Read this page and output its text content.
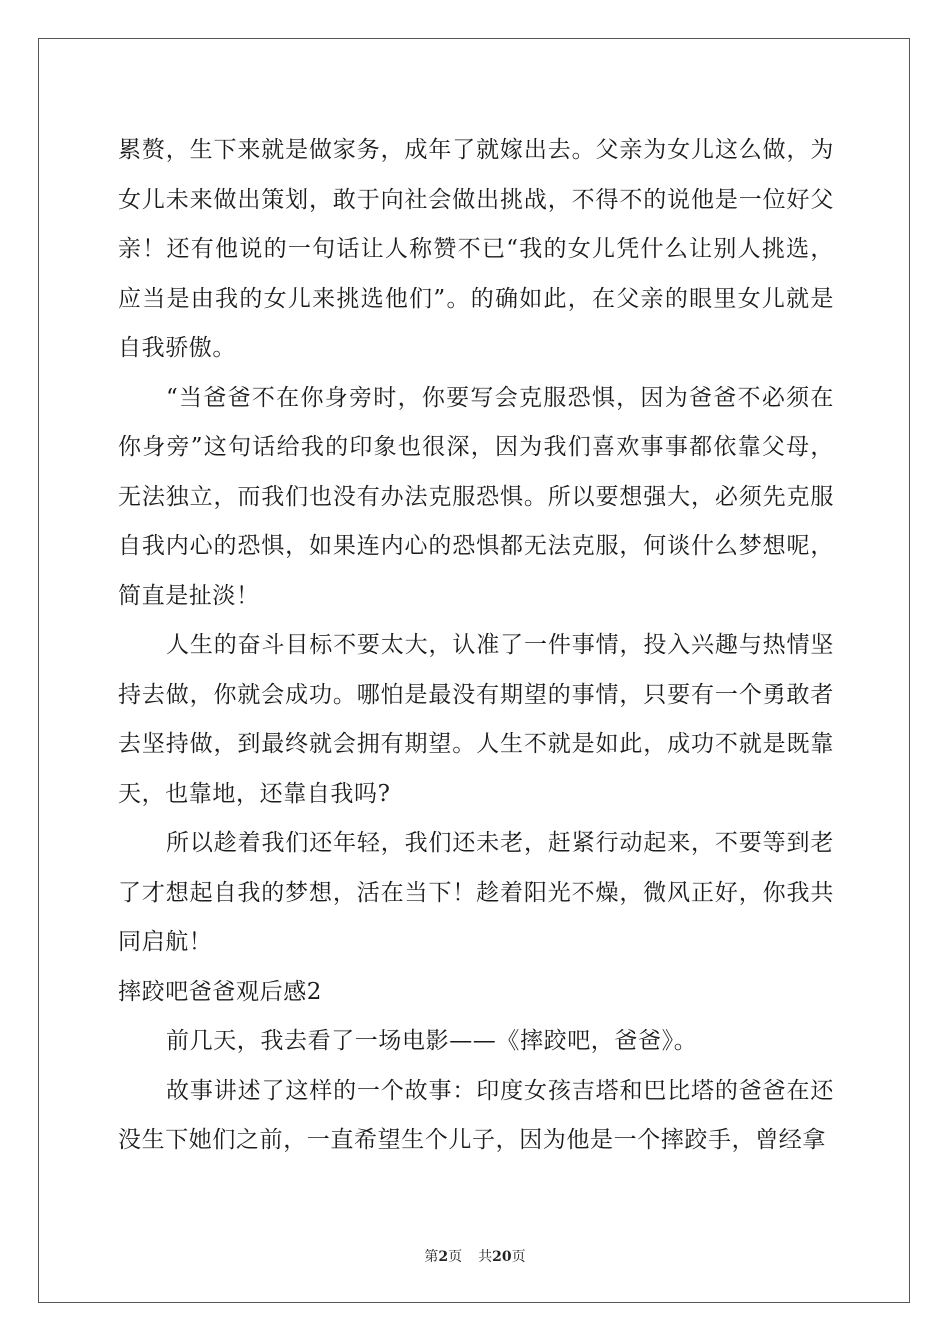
累赘，生下来就是做家务，成年了就嫁出去。父亲为女儿这么做，为女儿未来做出策划，敢于向社会做出挑战，不得不的说他是一位好父亲！还有他说的一句话让人称赞不已“我的女儿凭什么让别人挑选，应当是由我的女儿来挑选他们”。的确如此，在父亲的眼里女儿就是自我骄傲。

“当爸爸不在你身旁时，你要写会克服恐惧，因为爸爸不必须在你身旁”这句话给我的印象也很深，因为我们喜欢事事都依靠父母，无法独立，而我们也没有办法克服恐惧。所以要想强大，必须先克服自我内心的恐惧，如果连内心的恐惧都无法克服，何谈什么梦想呢，简直是扯淡！

人生的奋斗目标不要太大，认准了一件事情，投入兴趣与热情坚持去做，你就会成功。哪怕是最没有期望的事情，只要有一个勇敢者去坚持做，到最终就会拥有期望。人生不就是如此，成功不就是既靠天，也靠地，还靠自我吗?

所以趁着我们还年轻，我们还未老，赶紧行动起来，不要等到老了才想起自我的梦想，活在当下！趁着阳光不燥，微风正好，你我共同启航！

摔跤吧爸爸观后感2

前几天，我去看了一场电影——《摔跤吧，爸爸》。

故事讲述了这样的一个故事：印度女孩吉塔和巴比塔的爸爸在还没生下她们之前，一直希望生个儿子，因为他是一个摔跤手，曾经拿

第2页 共20页
